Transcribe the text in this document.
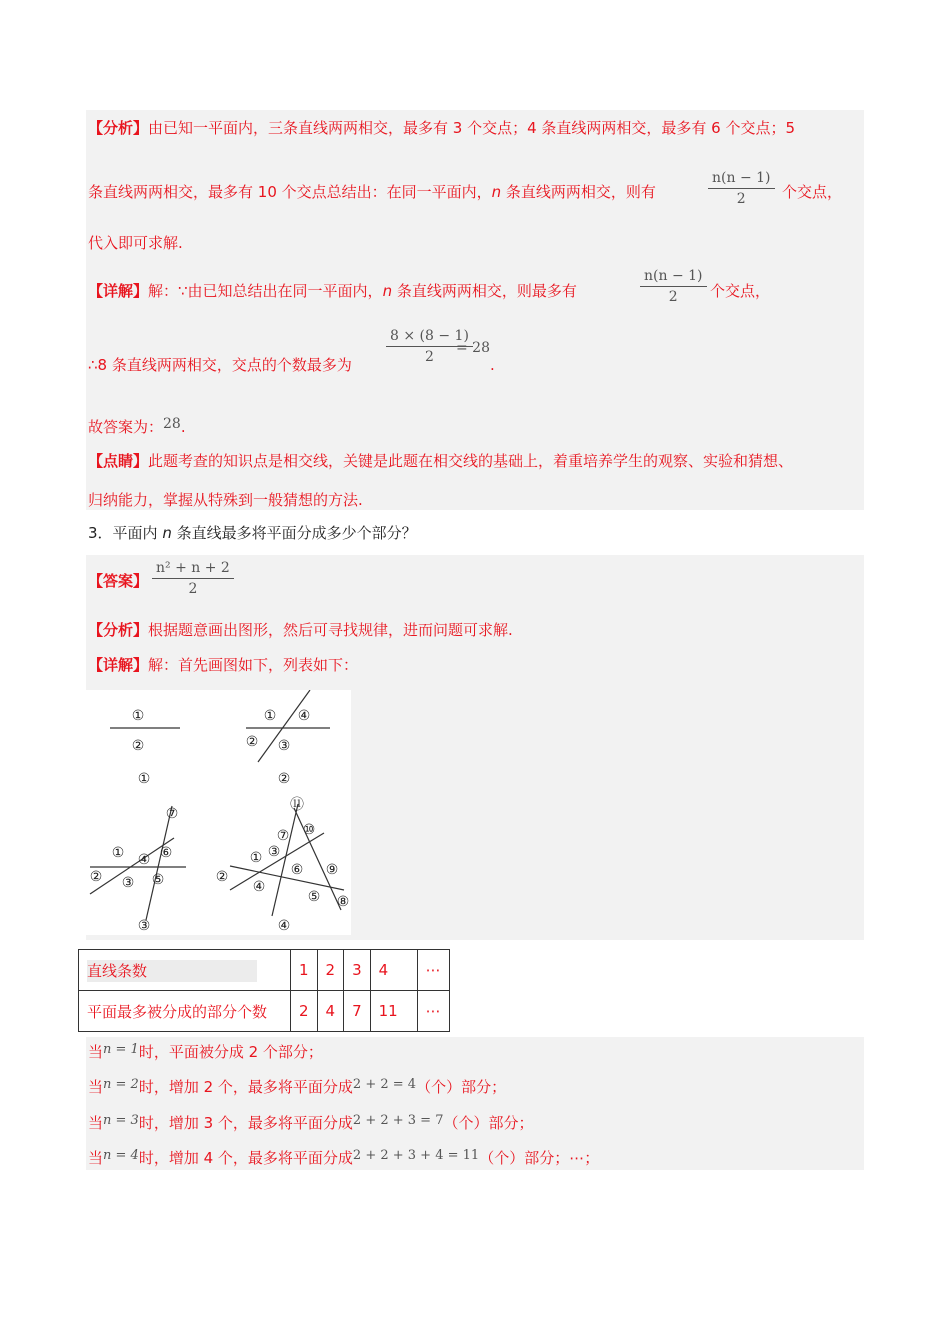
【分析】由已知一平面内，三条直线两两相交，最多有 3 个交点；4 条直线两两相交，最多有 6 个交点；5
条直线两两相交，最多有 10 个交点总结出：在同一平面内，n 条直线两两相交，则有	$\frac{n(n - 1)}{2}$ 个交点，
代入即可求解.
【详解】解：∵由已知总结出在同一平面内，n 条直线两两相交，则最多有	$\frac{n(n - 1)}{2}$ 个交点，
∴8 条直线两两相交，交点的个数最多为 $\frac{8 \times (8 - 1)}{2}$
= 28
.
故答案为：28.
【点睛】此题考查的知识点是相交线，关键是此题在相交线的基础上，着重培养学生的观察、实验和猜想、
归纳能力，掌握从特殊到一般猜想的方法.
3．平面内 n 条直线最多将平面分成多少个部分？
【答案】 $\frac{\text{n² + n + 2}}{2}$
【分析】根据题意画出图形，然后可寻找规律，进而问题可求解.
【详解】解：首先画图如下，列表如下：
①
②
① ④
② ③
⑦
① ④ ⑥
② ③ ⑤
⑪
⑦ ⑩
③
①
⑥ ⑨
②
④
⑤ ⑧
①	②
③	④
直线条数	1	2	3	4	⋯
平面最多被分成的部分个数	2	4	7	11	⋯
当n = 1时，平面被分成 2 个部分；
当n = 2时，增加 2 个，最多将平面分成2 + 2 = 4（个）部分；
当n = 3时，增加 3 个，最多将平面分成2 + 2 + 3 = 7（个）部分；
当n = 4时，增加 4 个，最多将平面分成2 + 2 + 3 + 4 = 11（个）部分；⋯；
